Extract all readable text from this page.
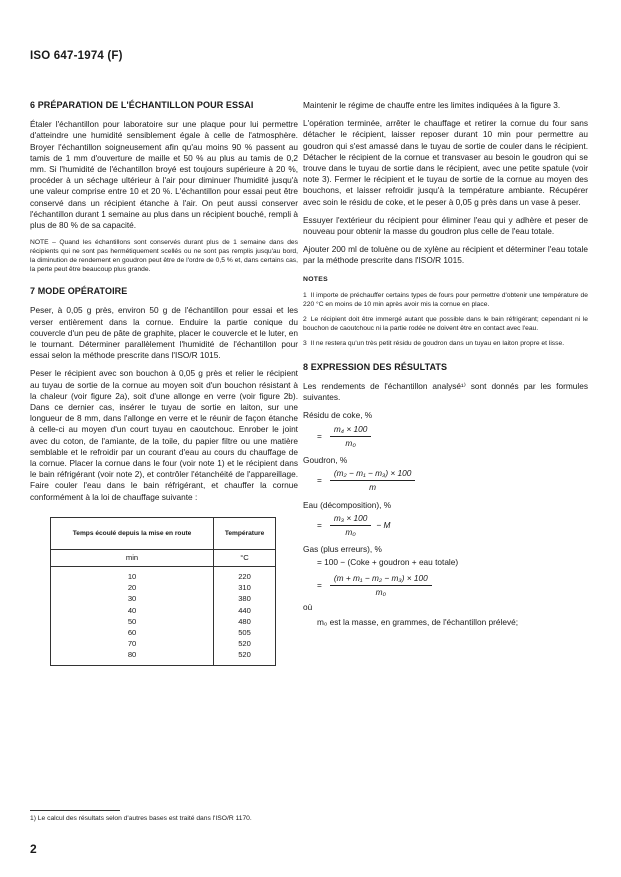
ISO 647-1974 (F)
6 PRÉPARATION DE L'ÉCHANTILLON POUR ESSAI
Étaler l'échantillon pour laboratoire sur une plaque pour lui permettre d'atteindre une humidité sensiblement égale à celle de l'atmosphère. Broyer l'échantillon soigneusement afin qu'au moins 90 % passent au tamis de 1 mm d'ouverture de maille et 50 % au plus au tamis de 0,2 mm. Si l'humidité de l'échantillon broyé est toujours supérieure à 20 %, procéder à un séchage ultérieur à l'air pour diminuer l'humidité jusqu'à une valeur comprise entre 10 et 20 %. L'échantillon pour essai peut être conservé dans un récipient étanche à l'air. On peut aussi conserver l'échantillon durant 1 semaine au plus dans un récipient bouché, rempli à plus de 80 % de sa capacité.
NOTE – Quand les échantillons sont conservés durant plus de 1 semaine dans des récipients qui ne sont pas hermétiquement scellés ou ne sont pas remplis jusqu'au bord, la diminution de rendement en goudron peut être de l'ordre de 0,5 % et, dans certains cas, la perte peut être beaucoup plus grande.
7 MODE OPÉRATOIRE
Peser, à 0,05 g près, environ 50 g de l'échantillon pour essai et les verser entièrement dans la cornue. Enduire la partie conique du couvercle d'un peu de pâte de graphite, placer le couvercle et le luter, en le tournant. Déterminer parallèlement l'humidité de l'échantillon pour essai selon la méthode prescrite dans l'ISO/R 1015.
Peser le récipient avec son bouchon à 0,05 g près et relier le récipient au tuyau de sortie de la cornue au moyen soit d'un bouchon résistant à la chaleur (voir figure 2a), soit d'une allonge en verre (voir figure 2b). Dans ce dernier cas, insérer le tuyau de sortie en laiton, sur une longueur de 8 mm, dans l'allonge en verre et le réunir de façon étanche à celle-ci au moyen d'un court tuyau en caoutchouc. Enrober le joint avec du coton, de l'amiante, de la toile, du papier filtre ou une matière semblable et le refroidir par un courant d'eau au cours du chauffage de la cornue. Placer la cornue dans le four (voir note 1) et le récipient dans le bain réfrigérant (voir note 2), et contrôler l'étanchéité de l'appareillage. Faire couler l'eau dans le bain réfrigérant, et chauffer la cornue conformément à la loi de chauffage suivante :
Temps écoulé depuis la mise en route	Température
min	°C
10	220
20	310
30	380
40	440
50	480
60	505
70	520
80	520
Maintenir le régime de chauffe entre les limites indiquées à la figure 3.
L'opération terminée, arrêter le chauffage et retirer la cornue du four sans détacher le récipient, laisser reposer durant 10 min pour permettre au goudron qui s'est amassé dans le tuyau de sortie de couler dans le récipient. Détacher le récipient de la cornue et transvaser au besoin le goudron qui se trouve dans le tuyau de sortie dans le récipient, avec une petite spatule (voir note 3). Fermer le récipient et le tuyau de sortie de la cornue au moyen des bouchons, et laisser refroidir jusqu'à la température ambiante. Récupérer avec soin le résidu de coke, et le peser à 0,05 g près dans un vase à peser.
Essuyer l'extérieur du récipient pour éliminer l'eau qui y adhère et peser de nouveau pour obtenir la masse du goudron plus celle de l'eau totale.
Ajouter 200 ml de toluène ou de xylène au récipient et déterminer l'eau totale par la méthode prescrite dans l'ISO/R 1015.
NOTES
1 Il importe de préchauffer certains types de fours pour permettre d'obtenir une température de 220 °C en moins de 10 min après avoir mis la cornue en place.
2 Le récipient doit être immergé autant que possible dans le bain réfrigérant; cependant ni le bouchon de caoutchouc ni la partie rodée ne doivent être en contact avec l'eau.
3 Il ne restera qu'un très petit résidu de goudron dans un tuyau en laiton propre et lisse.
8 EXPRESSION DES RÉSULTATS
Les rendements de l'échantillon analysé¹⁾ sont donnés par les formules suivantes.
Résidu de coke, %
= $\frac{\text{m₄ × 100}}{\text{m₀}}$
Goudron, %
= $\frac{\text{(m₂ − m₁ − m₃) × 100}}{m}$
Eau (décomposition), %
= $\frac{\text{m₃ × 100}}{\text{m₀}} - M$
Gas (plus erreurs), %
= 100 − (Coke + goudron + eau totale)
= $\frac{\text{(m + m₁ − m₂ − m₃) × 100}}{\text{m₀}}$
où
m₀ est la masse, en grammes, de l'échantillon prélevé;
1) Le calcul des résultats selon d'autres bases est traité dans l'ISO/R 1170.
2
